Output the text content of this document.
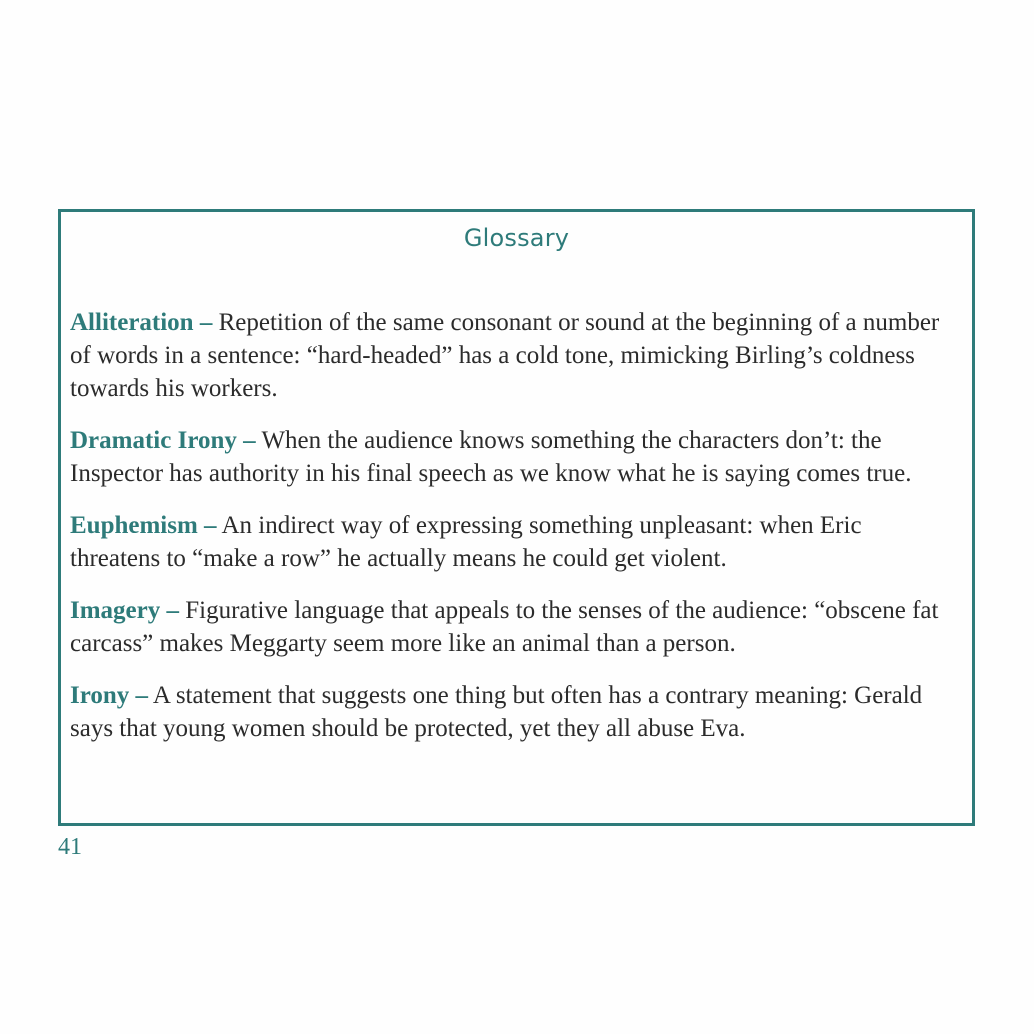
Glossary

Alliteration – Repetition of the same consonant or sound at the beginning of a number of words in a sentence: “hard-headed” has a cold tone, mimicking Birling’s coldness towards his workers.

Dramatic Irony – When the audience knows something the characters don’t: the Inspector has authority in his final speech as we know what he is saying comes true.

Euphemism – An indirect way of expressing something unpleasant: when Eric threatens to “make a row” he actually means he could get violent.

Imagery – Figurative language that appeals to the senses of the audience: “obscene fat carcass” makes Meggarty seem more like an animal than a person.

Irony – A statement that suggests one thing but often has a contrary meaning: Gerald says that young women should be protected, yet they all abuse Eva.

41
